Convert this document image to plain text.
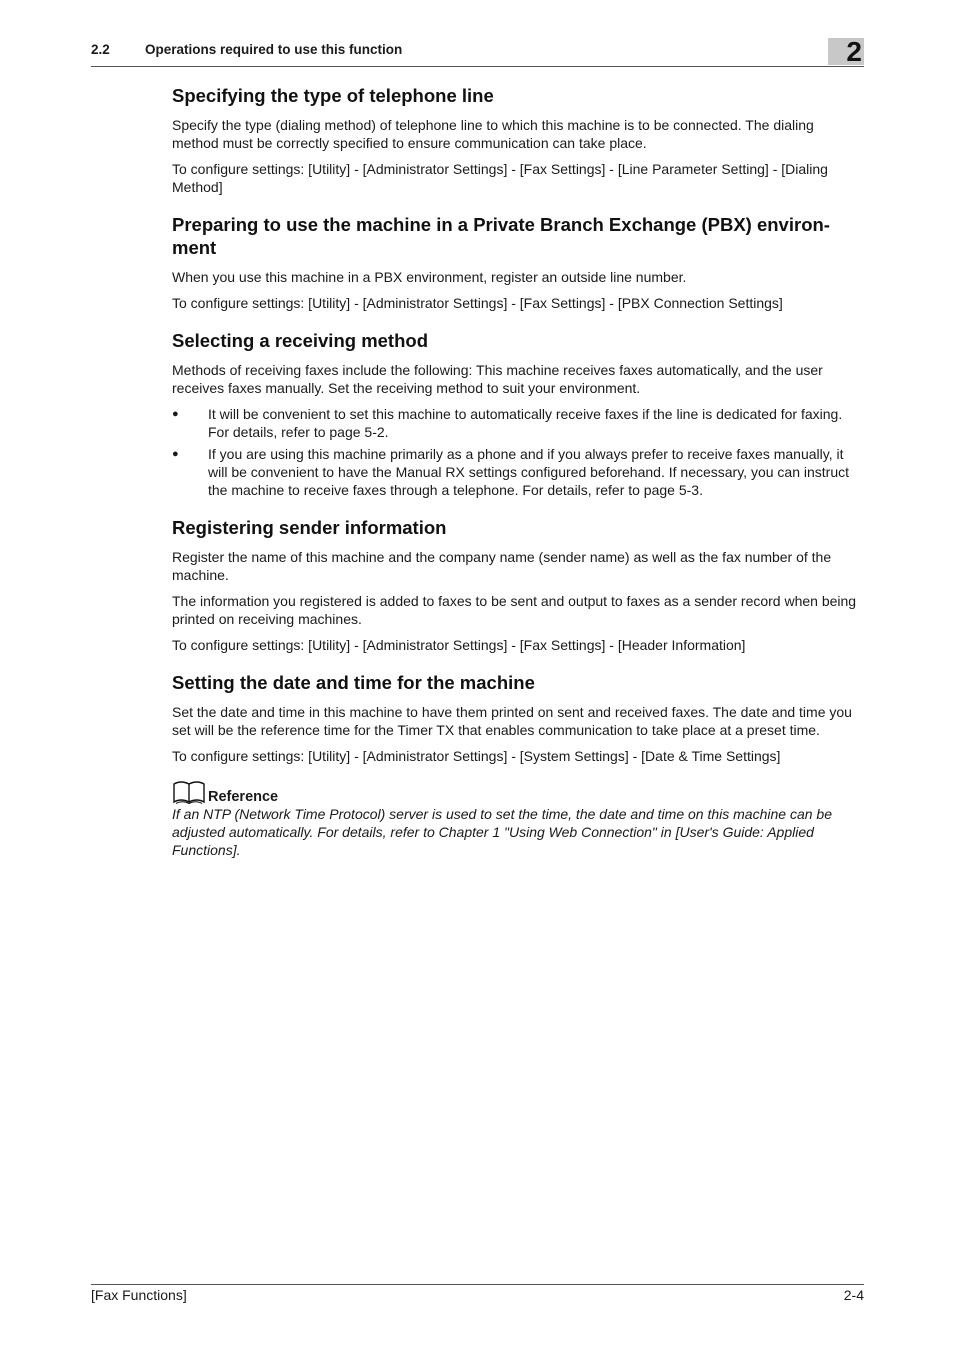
2.2	Operations required to use this function	2
Specifying the type of telephone line

Specify the type (dialing method) of telephone line to which this machine is to be connected. The dialing method must be correctly specified to ensure communication can take place.

To configure settings: [Utility] - [Administrator Settings] - [Fax Settings] - [Line Parameter Setting] - [Dialing Method]

Preparing to use the machine in a Private Branch Exchange (PBX) environ-ment

When you use this machine in a PBX environment, register an outside line number.

To configure settings: [Utility] - [Administrator Settings] - [Fax Settings] - [PBX Connection Settings]

Selecting a receiving method

Methods of receiving faxes include the following: This machine receives faxes automatically, and the user receives faxes manually. Set the receiving method to suit your environment.

● It will be convenient to set this machine to automatically receive faxes if the line is dedicated for faxing. For details, refer to page 5-2.
● If you are using this machine primarily as a phone and if you always prefer to receive faxes manually, it will be convenient to have the Manual RX settings configured beforehand. If necessary, you can instruct the machine to receive faxes through a telephone. For details, refer to page 5-3.
Registering sender information

Register the name of this machine and the company name (sender name) as well as the fax number of the machine.

The information you registered is added to faxes to be sent and output to faxes as a sender record when being printed on receiving machines.

To configure settings: [Utility] - [Administrator Settings] - [Fax Settings] - [Header Information]

Setting the date and time for the machine

Set the date and time in this machine to have them printed on sent and received faxes. The date and time you set will be the reference time for the Timer TX that enables communication to take place at a preset time.

To configure settings: [Utility] - [Administrator Settings] - [System Settings] - [Date & Time Settings]

Reference

If an NTP (Network Time Protocol) server is used to set the time, the date and time on this machine can be adjusted automatically. For details, refer to Chapter 1 "Using Web Connection" in [User's Guide: Applied Functions].

[Fax Functions]	2-4
